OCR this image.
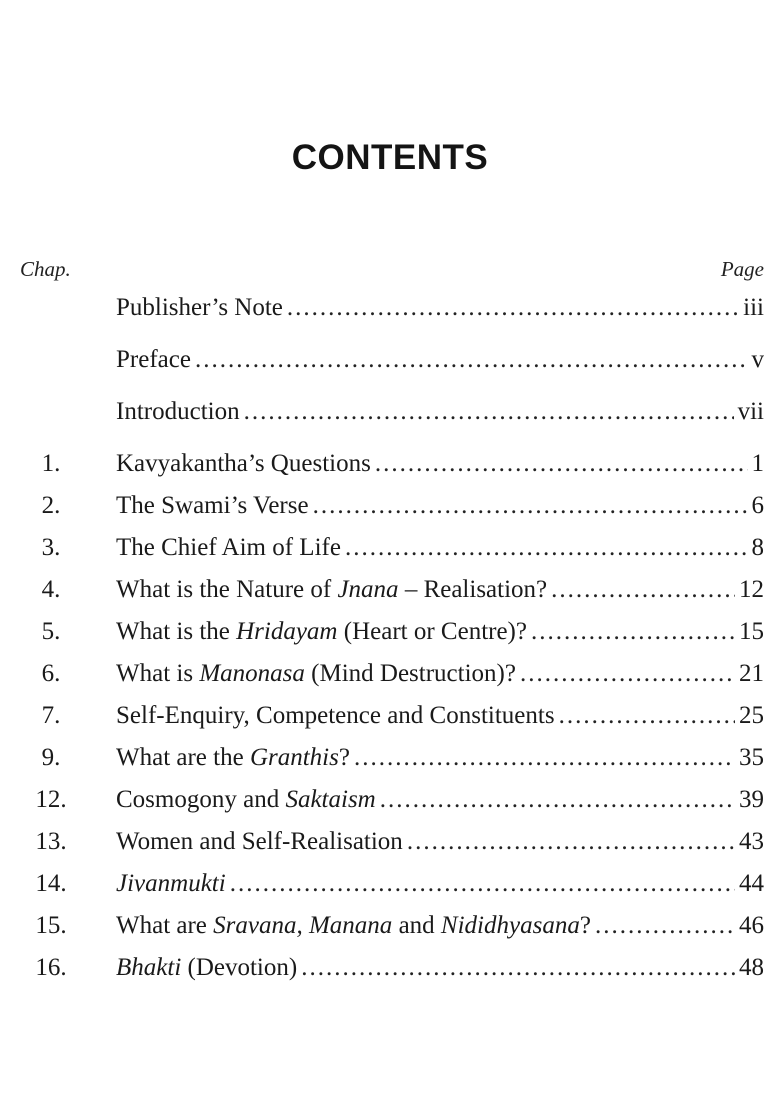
CONTENTS
Chap.	Page
Publisher’s Note .....	iii
Preface .....	v
Introduction .....	vii
1.	Kavyakantha’s Questions .....	1
2.	The Swami’s Verse .....	6
3.	The Chief Aim of Life .....	8
4.	What is the Nature of Jnana – Realisation? .....	12
5.	What is the Hridayam (Heart or Centre)? .....	15
6.	What is Manonasa (Mind Destruction)? .....	21
7.	Self-Enquiry, Competence and Constituents .....	25
9.	What are the Granthis? .....	35
12.	Cosmogony and Saktaism .....	39
13.	Women and Self-Realisation .....	43
14.	Jivanmukti .....	44
15.	What are Sravana, Manana and Nididhyasana? .....	46
16.	Bhakti (Devotion) .....	48
